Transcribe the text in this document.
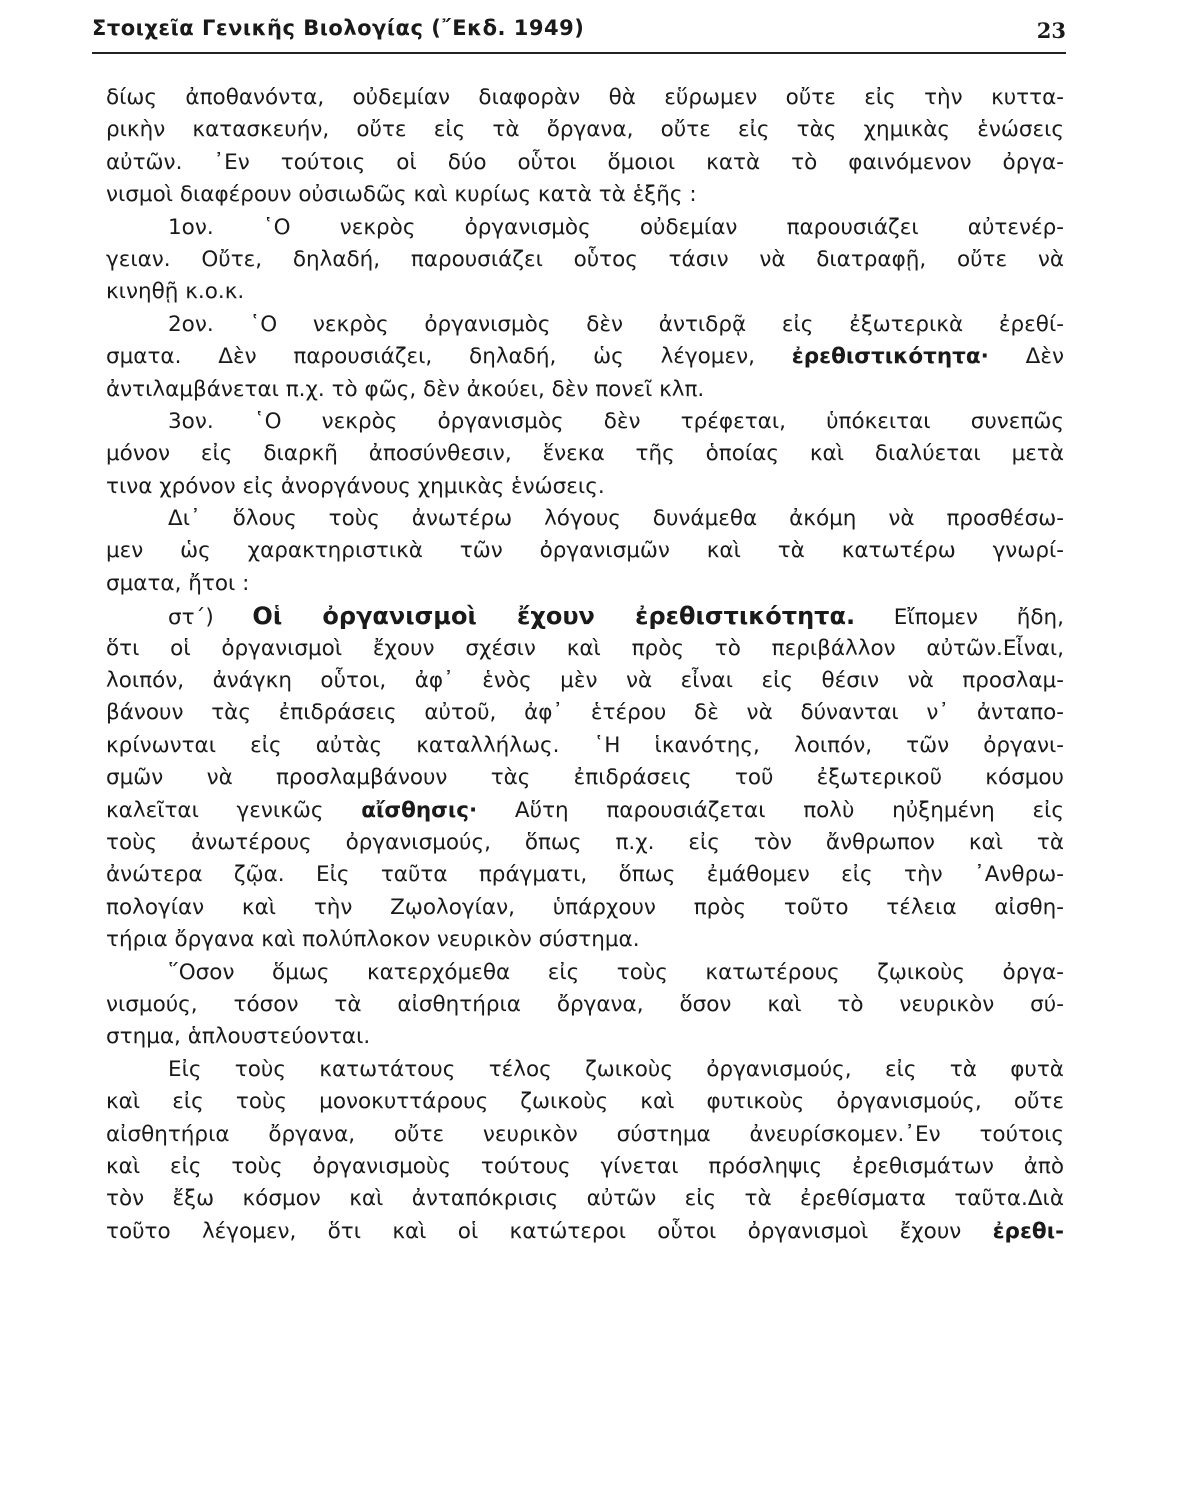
Στοιχεῖα Γενικῆς Βιολογίας (῎Εκδ. 1949)	23
δίως ἀποθανόντα, οὐδεμίαν διαφορὰν θὰ εὕρωμεν οὔτε εἰς τὴν κυττα-
ρικὴν κατασκευήν, οὔτε εἰς τὰ ὄργανα, οὔτε εἰς τὰς χημικὰς ἑνώσεις
αὐτῶν. ᾿Εν τούτοις οἱ δύο οὗτοι ὅμοιοι κατὰ τὸ φαινόμενον ὀργα-
νισμοὶ διαφέρουν οὐσιωδῶς καὶ κυρίως κατὰ τὰ ἑξῆς :
1ον. ῾Ο νεκρὸς ὀργανισμὸς οὐδεμίαν παρουσιάζει αὐτενέρ-
γειαν. Οὔτε, δηλαδή, παρουσιάζει οὗτος τάσιν νὰ διατραφῇ, οὔτε νὰ
κινηθῇ κ.ο.κ.
2ον. ῾Ο νεκρὸς ὀργανισμὸς δὲν ἀντιδρᾷ εἰς ἐξωτερικὰ ἐρεθί-
σματα. Δὲν παρουσιάζει, δηλαδή, ὡς λέγομεν, ἐρεθιστικότητα· Δὲν
ἀντιλαμβάνεται π.χ. τὸ φῶς, δὲν ἀκούει, δὲν πονεῖ κλπ.
3ον. ῾Ο νεκρὸς ὀργανισμὸς δὲν τρέφεται, ὑπόκειται συνεπῶς
μόνον εἰς διαρκῆ ἀποσύνθεσιν, ἕνεκα τῆς ὁποίας καὶ διαλύεται μετὰ
τινα χρόνον εἰς ἀνοργάνους χημικὰς ἑνώσεις.
Δι᾿ ὅλους τοὺς ἀνωτέρω λόγους δυνάμεθα ἀκόμη νὰ προσθέσω-
μεν ὡς χαρακτηριστικὰ τῶν ὀργανισμῶν καὶ τὰ κατωτέρω γνωρί-
σματα, ἤτοι :
στ´) Οἱ ὀργανισμοὶ ἔχουν ἐρεθιστικότητα. Εἴπομεν ἤδη,
ὅτι οἱ ὀργανισμοὶ ἔχουν σχέσιν καὶ πρὸς τὸ περιβάλλον αὐτῶν.Εἶναι,
λοιπόν, ἀνάγκη οὗτοι, ἀφ᾿ ἑνὸς μὲν νὰ εἶναι εἰς θέσιν νὰ προσλαμ-
βάνουν τὰς ἐπιδράσεις αὐτοῦ, ἀφ᾿ ἑτέρου δὲ νὰ δύνανται ν᾿ ἀνταπο-
κρίνωνται εἰς αὐτὰς καταλλήλως. ῾Η ἱκανότης, λοιπόν, τῶν ὀργανι-
σμῶν νὰ προσλαμβάνουν τὰς ἐπιδράσεις τοῦ ἐξωτερικοῦ κόσμου
καλεῖται γενικῶς αἴσθησις· Αὕτη παρουσιάζεται πολὺ ηὐξημένη εἰς
τοὺς ἀνωτέρους ὀργανισμούς, ὅπως π.χ. εἰς τὸν ἄνθρωπον καὶ τὰ
ἀνώτερα ζῷα. Εἰς ταῦτα πράγματι, ὅπως ἐμάθομεν εἰς τὴν ᾿Ανθρω-
πολογίαν καὶ τὴν Ζῳολογίαν, ὑπάρχουν πρὸς τοῦτο τέλεια αἰσθη-
τήρια ὄργανα καὶ πολύπλοκον νευρικὸν σύστημα.
῞Οσον ὅμως κατερχόμεθα εἰς τοὺς κατωτέρους ζῳικοὺς ὀργα-
νισμούς, τόσον τὰ αἰσθητήρια ὄργανα, ὅσον καὶ τὸ νευρικὸν σύ-
στημα, ἁπλουστεύονται.
Εἰς τοὺς κατωτάτους τέλος ζωικοὺς ὀργανισμούς, εἰς τὰ φυτὰ
καὶ εἰς τοὺς μονοκυττάρους ζωικοὺς καὶ φυτικοὺς ὀργανισμούς, οὔτε
αἰσθητήρια ὄργανα, οὔτε νευρικὸν σύστημα ἀνευρίσκομεν.᾿Εν τούτοις
καὶ εἰς τοὺς ὀργανισμοὺς τούτους γίνεται πρόσληψις ἐρεθισμάτων ἀπὸ
τὸν ἔξω κόσμον καὶ ἀνταπόκρισις αὐτῶν εἰς τὰ ἐρεθίσματα ταῦτα.Διὰ
τοῦτο λέγομεν, ὅτι καὶ οἱ κατώτεροι οὗτοι ὀργανισμοὶ ἔχουν ἐρεθι-
